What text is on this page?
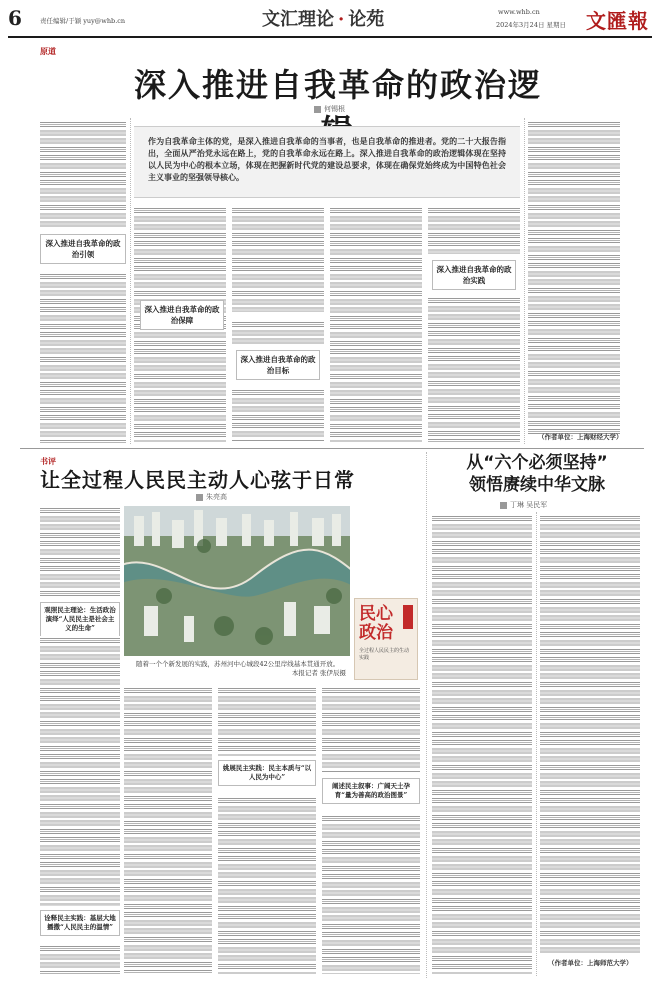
6	责任编辑/于颖 yuy@whb.cn	文汇理论 · 论苑	www.whb.cn
2024年3月24日 星期日 文匯報
原道
深入推进自我革命的政治逻
何锡根
深入推进自我革命的政治引领

作为自我革命主体的党，是深入推进自我革命的当事者，也是自我革命的推进者。党的二十大报告指出，全面从严治党永远在路上，党的自我革命永远在路上。深入推进自我革命的政治逻辑体现在坚持以人民为中心的根本立场，体现在把握新时代党的建设总要求，体现在确保党始终成为中国特色社会主义事业的坚强领导核心。

深入推进自我革命的政治保障
深入推进自我革命的政治目标
深入推进自我革命的政治实践
（作者单位：上海财经大学）
书评
让全过程人民民主动人心弦于日常
朱亮高
观照民主理论：生活政治演绎“人民民主是社会主义的生命”
诠释民主实践：基层大地播撒“人民民主的温情”
随着一个个新发展的实践，苏州河中心城段42公里岸线基本贯通开放。
本报记者 张伊辰摄
民心政治
全过程人民民主的生动实践
姚展民主实践：民主本质与“以人民为中心”
阐述民主叙事：广阔天土孕育“量为善高的政治图景”
从“六个必须坚持”
领悟赓续中华文脉
丁琳 吴民军
（作者单位：上海师范大学）
